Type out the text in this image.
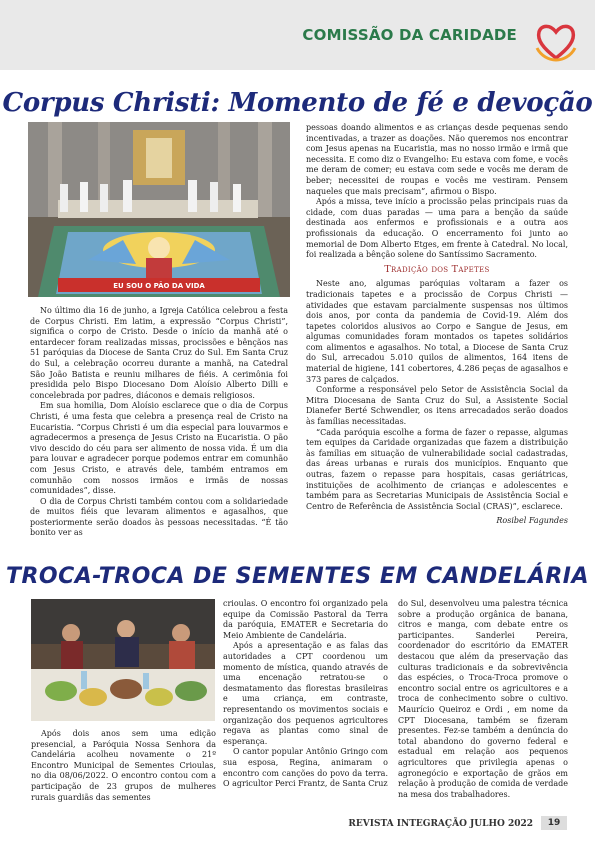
COMISSÃO DA CARIDADE
Corpus Christi: Momento de fé e devoção
EU SOU O PÃO DA VIDA

No último dia 16 de junho, a Igreja Católica celebrou a festa de Corpus Christi. Em latim, a expressão “Corpus Christi”, significa o corpo de Cristo. Desde o início da manhã até o entardecer foram realizadas missas, procissões e bênçãos nas 51 paróquias da Diocese de Santa Cruz do Sul. Em Santa Cruz do Sul, a celebração ocorreu durante a manhã, na Catedral São João Batista e reuniu milhares de fiéis. A cerimônia foi presidida pelo Bispo Diocesano Dom Aloísio Alberto Dilli e concelebrada por padres, diáconos e demais religiosos.

Em sua homilia, Dom Aloísio esclarece que o dia de Corpus Christi, é uma festa que celebra a presença real de Cristo na Eucaristia. “Corpus Christi é um dia especial para louvarmos e agradecermos a presença de Jesus Cristo na Eucaristia. O pão vivo descido do céu para ser alimento de nossa vida. É um dia para louvar e agradecer porque podemos entrar em comunhão com Jesus Cristo, e através dele, também entramos em comunhão com nossos irmãos e irmãs de nossas comunidades”, disse.

O dia de Corpus Christi também contou com a solidariedade de muitos fiéis que levaram alimentos e agasalhos, que posteriormente serão doados às pessoas necessitadas. “É tão bonito ver as

pessoas doando alimentos e as crianças desde pequenas sendo incentivadas, a trazer as doações. Não queremos nos encontrar com Jesus apenas na Eucaristia, mas no nosso irmão e irmã que necessita. E como diz o Evangelho: Eu estava com fome, e vocês me deram de comer; eu estava com sede e vocês me deram de beber; necessitei de roupas e vocês me vestiram. Pensem naqueles que mais precisam”, afirmou o Bispo.

Após a missa, teve início a procissão pelas principais ruas da cidade, com duas paradas — uma para a benção da saúde destinada aos enfermos e profissionais e a outra aos profissionais da educação. O encerramento foi junto ao memorial de Dom Alberto Etges, em frente à Catedral. No local, foi realizada a bênção solene do Santíssimo Sacramento.

Tradição dos Tapetes

Neste ano, algumas paróquias voltaram a fazer os tradicionais tapetes e a procissão de Corpus Christi —atividades que estavam parcialmente suspensas nos últimos dois anos, por conta da pandemia de Covid-19. Além dos tapetes coloridos alusivos ao Corpo e Sangue de Jesus, em algumas comunidades foram montados os tapetes solidários com alimentos e agasalhos. No total, a Diocese de Santa Cruz do Sul, arrecadou 5.010 quilos de alimentos, 164 itens de material de higiene, 141 cobertores, 4.286 peças de agasalhos e 373 pares de calçados.

Conforme a responsável pelo Setor de Assistência Social da Mitra Diocesana de Santa Cruz do Sul, a Assistente Social Dianefer Berté Schwendler, os itens arrecadados serão doados às famílias necessitadas.

“Cada paróquia escolhe a forma de fazer o repasse, algumas tem equipes da Caridade organizadas que fazem a distribuição às famílias em situação de vulnerabilidade social cadastradas, das áreas urbanas e rurais dos municípios. Enquanto que outras, fazem o repasse para hospitais, casas geriátricas, instituições de acolhimento de crianças e adolescentes e também para as Secretarias Municipais de Assistência Social e Centro de Referência de Assistência Social (CRAS)”, esclarece.

Rosibel Fagundes
TROCA-TROCA DE SEMENTES EM CANDELÁRIA

Após dois anos sem uma edição presencial, a Paróquia Nossa Senhora da Candelária acolheu novamente o 21º Encontro Municipal de Sementes Crioulas, no dia 08/06/2022. O encontro contou com a participação de 23 grupos de mulheres rurais guardiãs das sementes

crioulas. O encontro foi organizado pela equipe da Comissão Pastoral da Terra da paróquia, EMATER e Secretaria do Meio Ambiente de Candelária.

Após a apresentação e as falas das autoridades a CPT coordenou um momento de mística, quando através de uma encenação retratou-se o desmatamento das florestas brasileiras e uma criança, em contraste, representando os movimentos sociais e organização dos pequenos agricultores regava as plantas como sinal de esperança.

O cantor popular Antônio Gringo com sua esposa, Regina, animaram o encontro com canções do povo da terra. O agricultor Perci Frantz, de Santa Cruz

do Sul, desenvolveu uma palestra técnica sobre a produção orgânica de banana, citros e manga, com debate entre os participantes. Sanderlei Pereira, coordenador do escritório da EMATER destacou que além da preservação das culturas tradicionais e da sobrevivência das espécies, o Troca-Troca promove o encontro social entre os agricultores e a troca de conhecimento sobre o cultivo. Maurício Queiroz e Ordi , em nome da CPT Diocesana, também se fizeram presentes. Fez-se também a denúncia do total abandono do governo federal e estadual em relação aos pequenos agricultores que privilegia apenas o agronegócio e exportação de grãos em relação à produção de comida de verdade na mesa dos trabalhadores.

REVISTA INTEGRAÇÃO JULHO 2022	19
